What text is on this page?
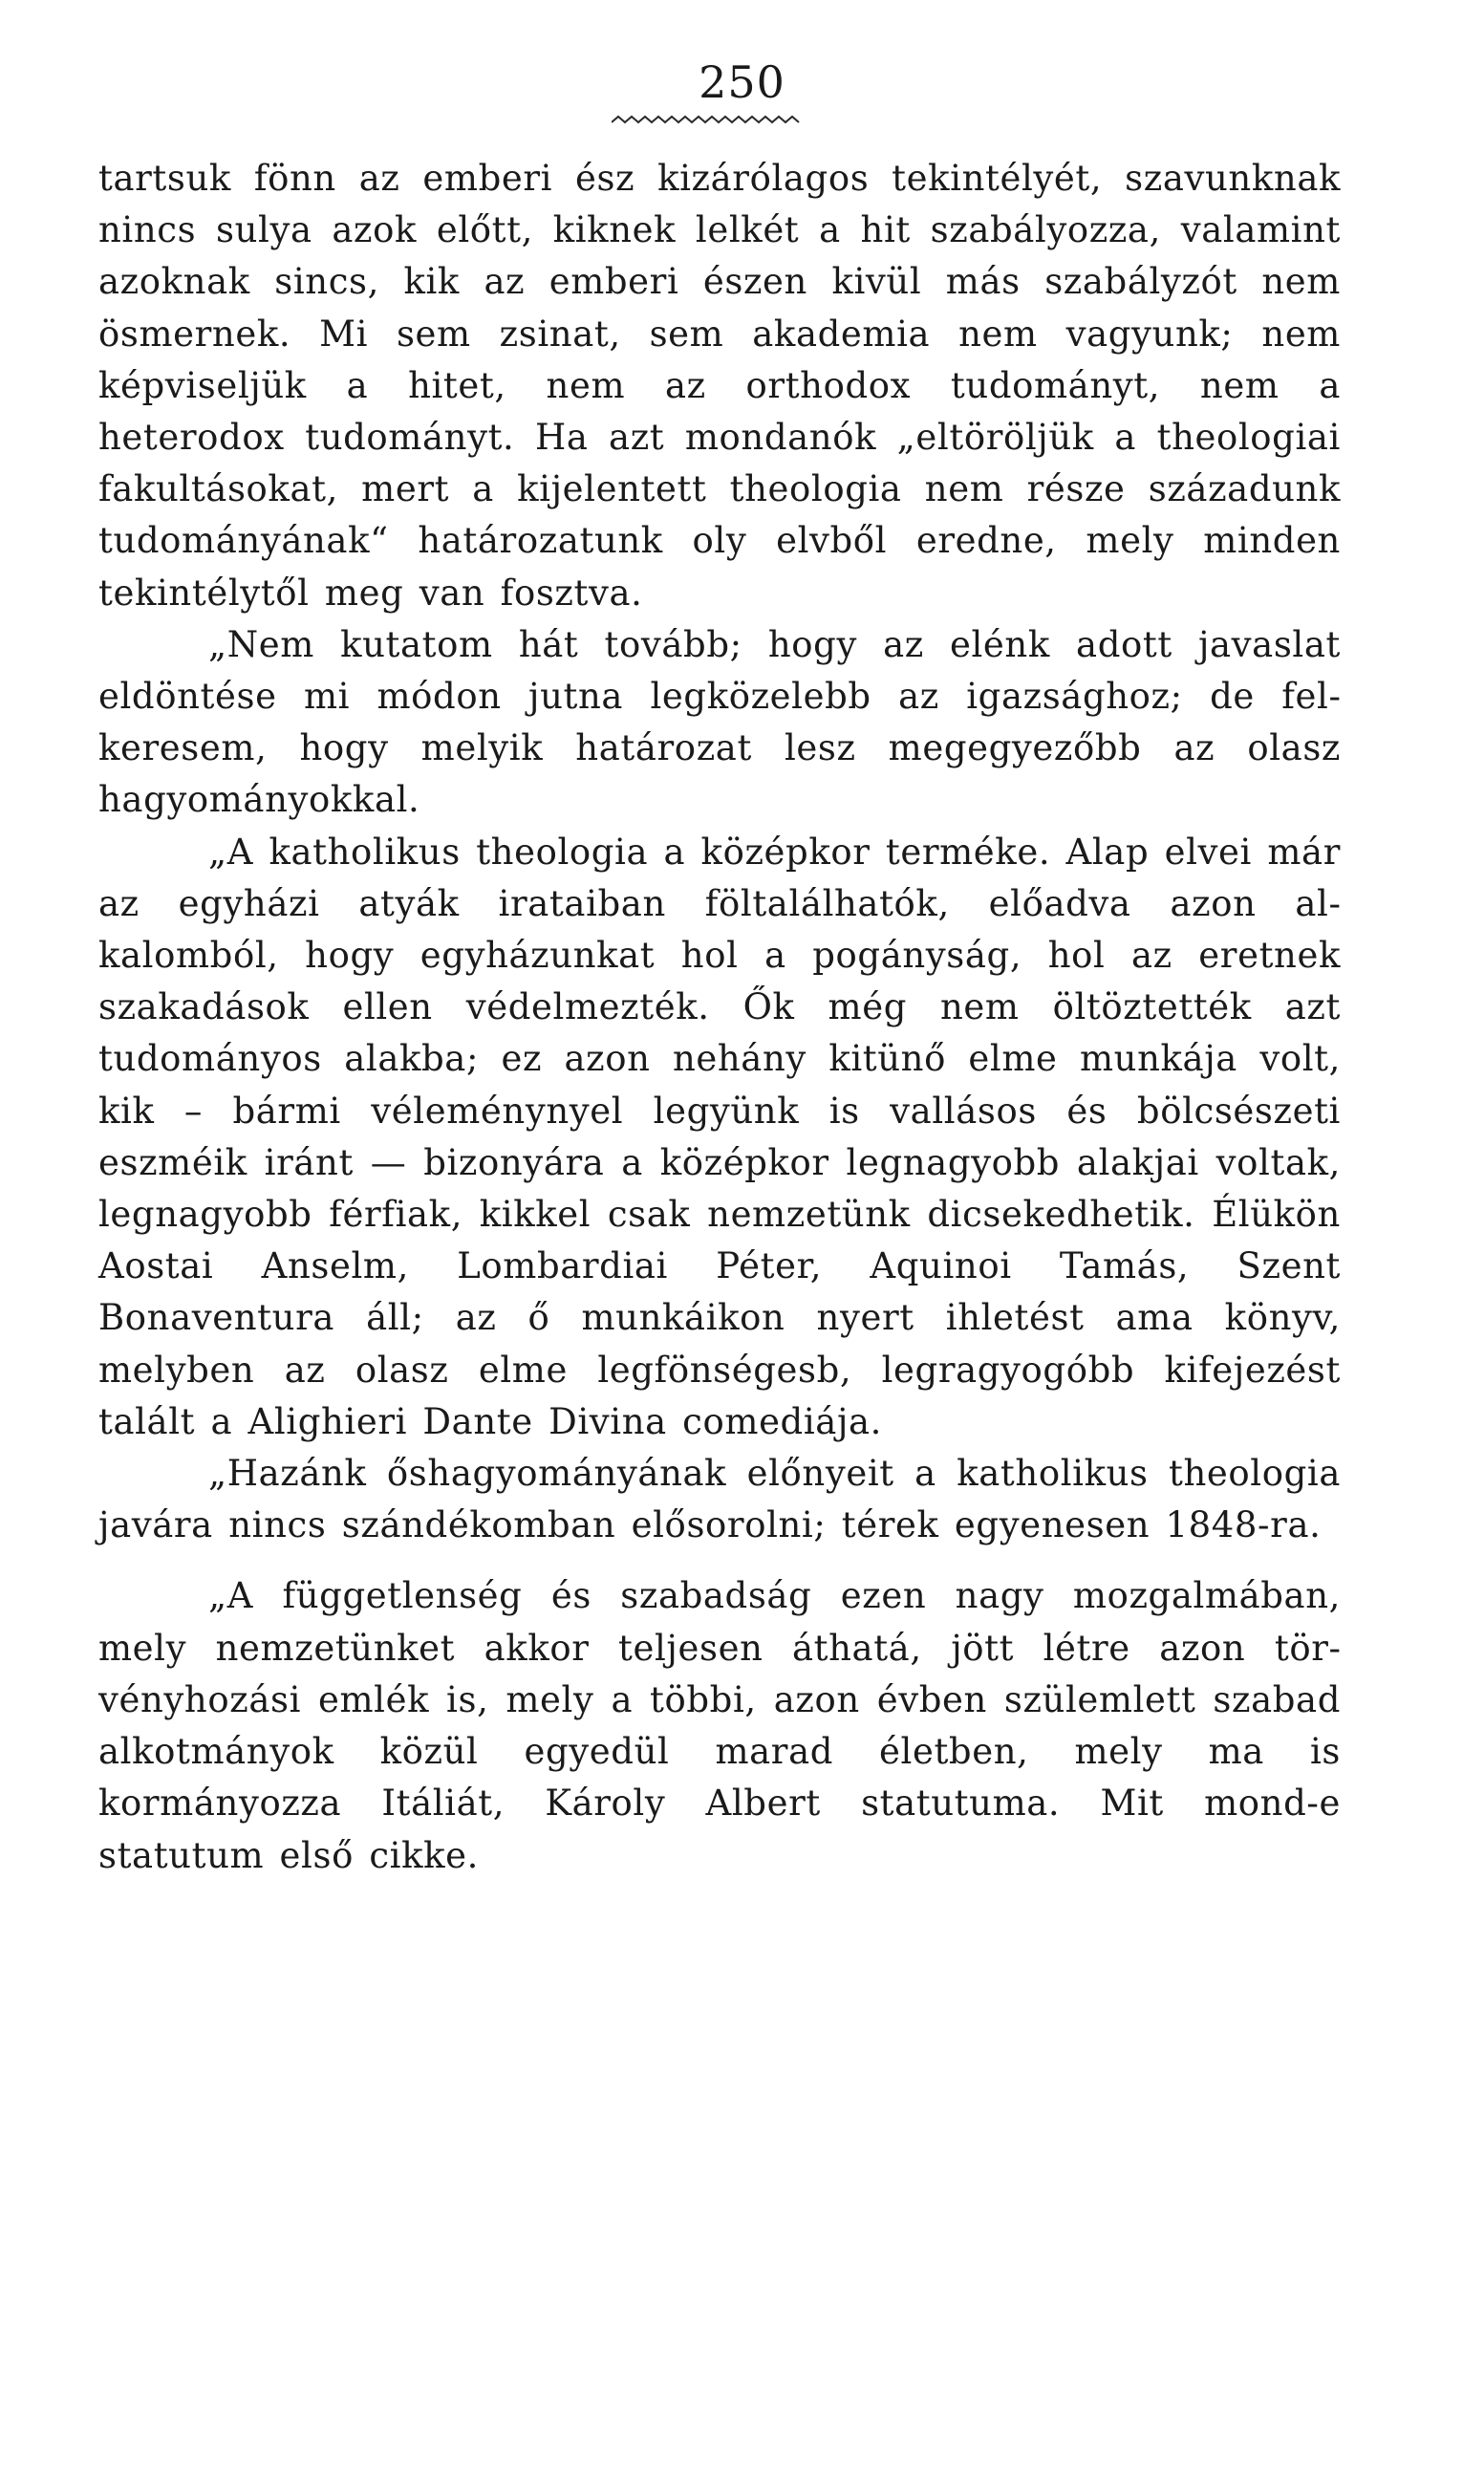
250

tartsuk fönn az emberi ész kizárólagos tekintélyét, szavunknak nincs sulya azok előtt, kiknek lelkét a hit szabályozza, valamint azoknak sincs, kik az emberi észen kivül más szabályzót nem ösmernek. Mi sem zsinat, sem akademia nem vagyunk; nem képviseljük a hitet, nem az orthodox tudományt, nem a heterodox tudományt. Ha azt mondanók „eltöröljük a theologiai fakultásokat, mert a kijelentett theologia nem része századunk tudományának“ határozatunk oly elvből eredne, mely minden tekintélytől meg van fosztva.

„Nem kutatom hát tovább; hogy az elénk adott javaslat eldöntése mi módon jutna legközelebb az igazsághoz; de felkeresem, hogy melyik határozat lesz megegyezőbb az olasz hagyományokkal.

„A katholikus theologia a középkor terméke. Alap elvei már az egyházi atyák irataiban föltalálhatók, előadva azon alkalomból, hogy egyházunkat hol a pogányság, hol az eretnek szakadások ellen védelmezték. Ők még nem öltöztették azt tudományos alakba; ez azon nehány kitünő elme munkája volt, kik – bármi véleménynyel legyünk is vallásos és bölcsészeti eszméik iránt — bizonyára a középkor legnagyobb alakjai voltak, legnagyobb férfiak, kikkel csak nemzetünk dicsekedhetik. Élükön Aostai Anselm, Lombardiai Péter, Aquinoi Tamás, Szent Bonaventura áll; az ő munkáikon nyert ihletést ama könyv, melyben az olasz elme legfönségesb, legragyogóbb kifejezést talált a Alighieri Dante Divina comediája.

„Hazánk őshagyományának előnyeit a katholikus theologia javára nincs szándékomban elősorolni; térek egyenesen 1848-ra.

„A függetlenség és szabadság ezen nagy mozgalmában, mely nemzetünket akkor teljesen áthatá, jött létre azon törvényhozási emlék is, mely a többi, azon évben szülemlett szabad alkotmányok közül egyedül marad életben, mely ma is kormányozza Itáliát, Károly Albert statutuma. Mit mond-e statutum első cikke.
